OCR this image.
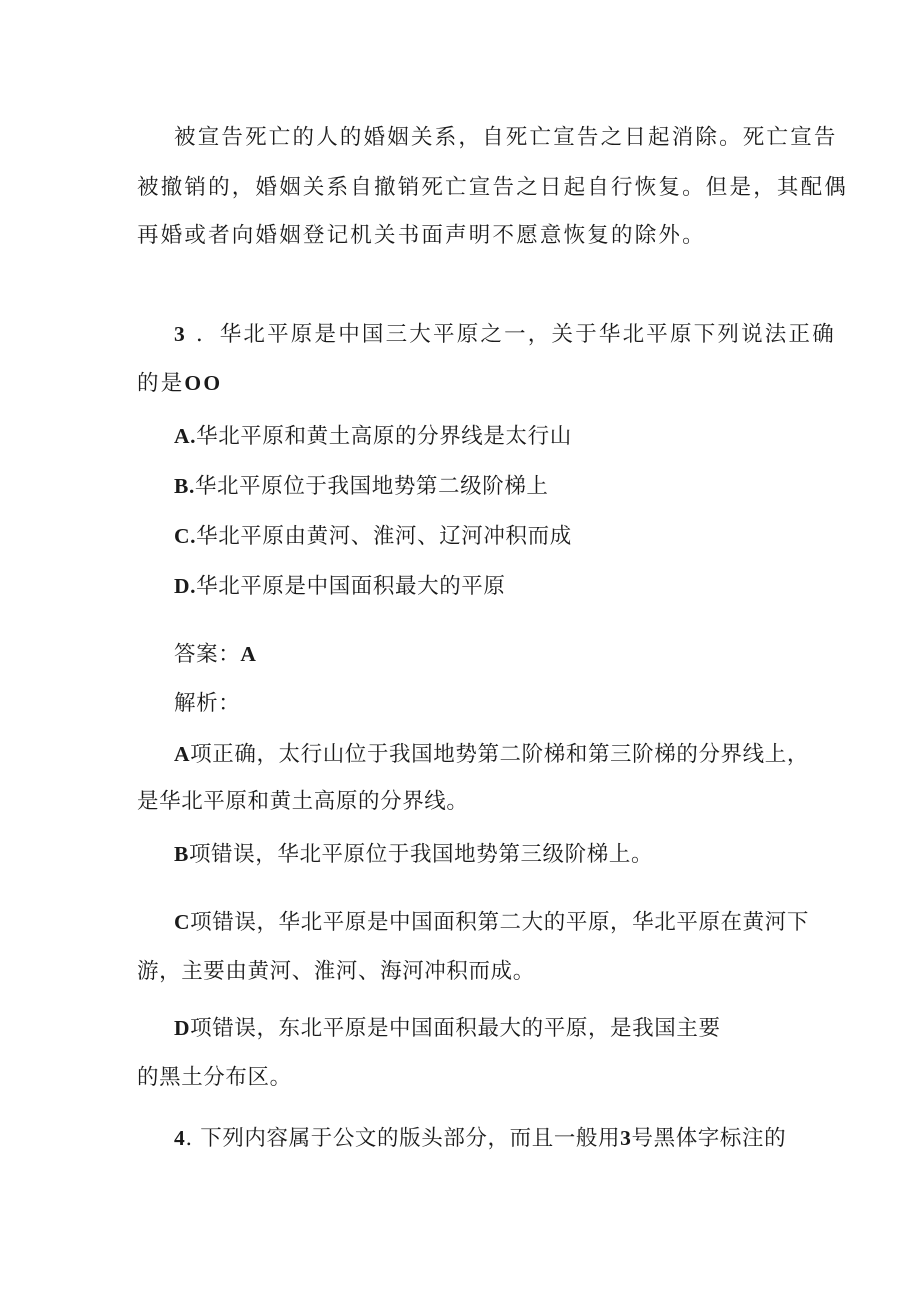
被宣告死亡的人的婚姻关系，自死亡宣告之日起消除。死亡宣告
被撤销的，婚姻关系自撤销死亡宣告之日起自行恢复。但是，其配偶
再婚或者向婚姻登记机关书面声明不愿意恢复的除外。
3 ．华北平原是中国三大平原之一，关于华北平原下列说法正确
的是OO
A.华北平原和黄土高原的分界线是太行山
B.华北平原位于我国地势第二级阶梯上
C.华北平原由黄河、淮河、辽河冲积而成
D.华北平原是中国面积最大的平原
答案：A
解析：
A项正确，太行山位于我国地势第二阶梯和第三阶梯的分界线上，
是华北平原和黄土高原的分界线。
B项错误，华北平原位于我国地势第三级阶梯上。
C项错误，华北平原是中国面积第二大的平原，华北平原在黄河下
游，主要由黄河、淮河、海河冲积而成。
D项错误，东北平原是中国面积最大的平原，是我国主要
的黑土分布区。
4. 下列内容属于公文的版头部分，而且一般用3号黑体字标注的
